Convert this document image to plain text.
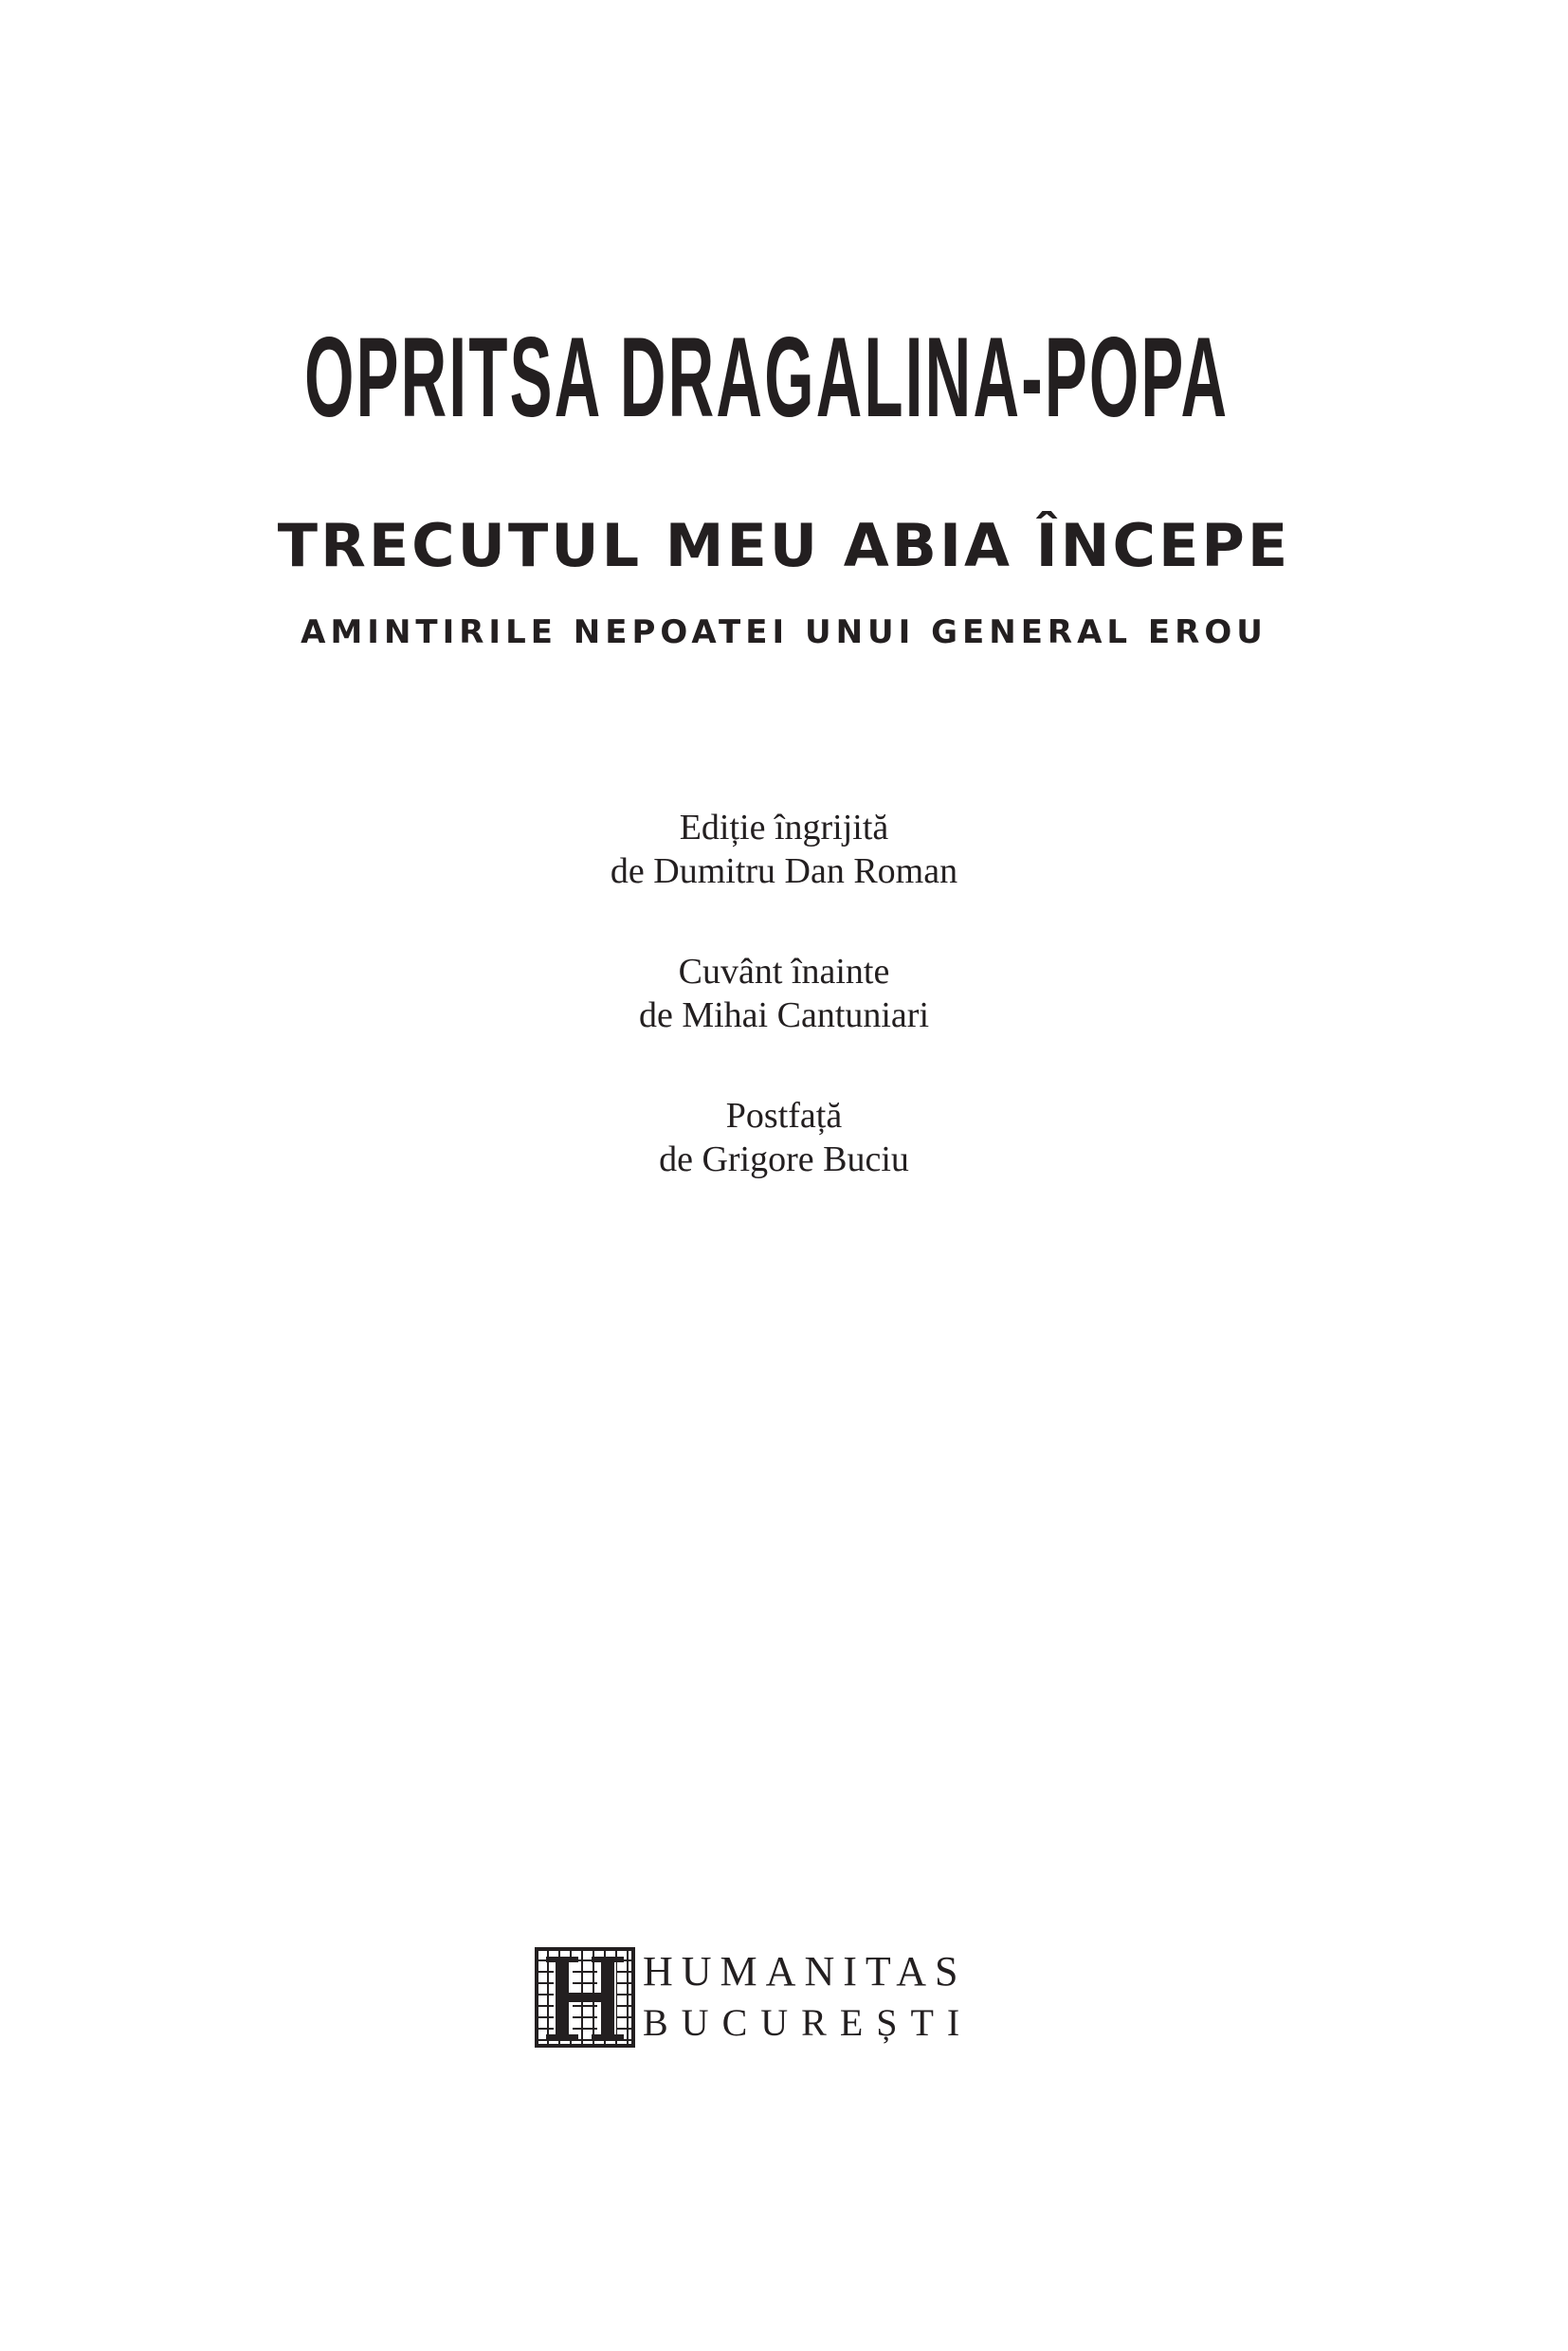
OPRITSA DRAGALINA-POPA
TRECUTUL MEU ABIA ÎNCEPE
AMINTIRILE NEPOATEI UNUI GENERAL EROU

Ediție îngrijită
de Dumitru Dan Roman

Cuvânt înainte
de Mihai Cantuniari

Postfață
de Grigore Buciu

HUMANITAS
BUCUREȘTI
